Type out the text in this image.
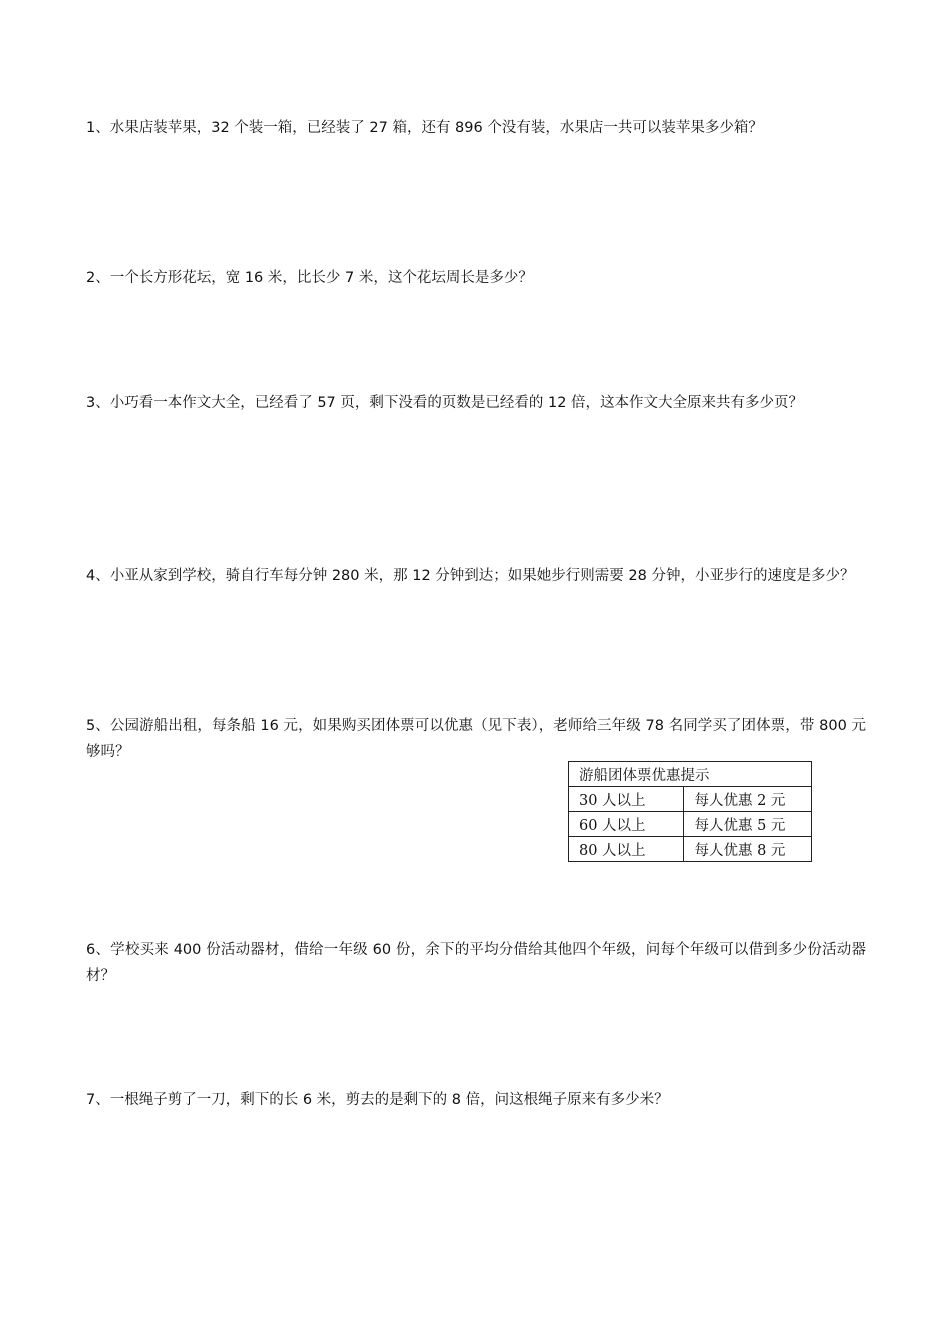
1、水果店装苹果，32 个装一箱，已经装了 27 箱，还有 896 个没有装，水果店一共可以装苹果多少箱？

2、一个长方形花坛，宽 16 米，比长少 7 米，这个花坛周长是多少？

3、小巧看一本作文大全，已经看了 57 页，剩下没看的页数是已经看的 12 倍，这本作文大全原来共有多少页？

4、小亚从家到学校，骑自行车每分钟 280 米，那 12 分钟到达；如果她步行则需要 28 分钟，小亚步行的速度是多少？

5、公园游船出租，每条船 16 元，如果购买团体票可以优惠（见下表），老师给三年级 78 名同学买了团体票，带 800 元够吗？

游船团体票优惠提示	
30 人以上	每人优惠 2 元
60 人以上	每人优惠 5 元
80 人以上	每人优惠 8 元

6、学校买来 400 份活动器材，借给一年级 60 份，余下的平均分借给其他四个年级，问每个年级可以借到多少份活动器材？

7、一根绳子剪了一刀，剩下的长 6 米，剪去的是剩下的 8 倍，问这根绳子原来有多少米？
